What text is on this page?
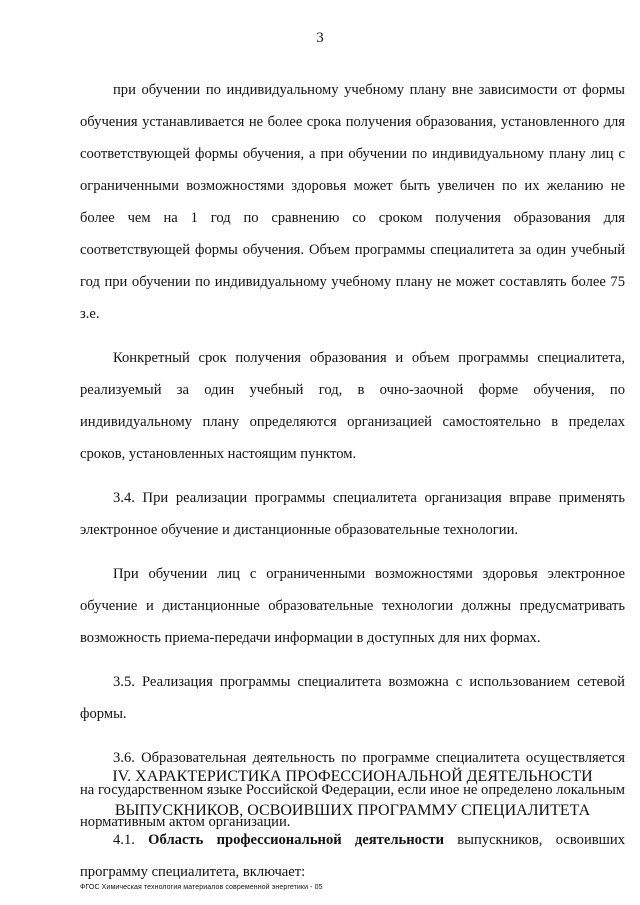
3

при обучении по индивидуальному учебному плану вне зависимости от формы обучения устанавливается не более срока получения образования, установленного для соответствующей формы обучения, а при обучении по индивидуальному плану лиц с ограниченными возможностями здоровья может быть увеличен по их желанию не более чем на 1 год по сравнению со сроком получения образования для соответствующей формы обучения. Объем программы специалитета за один учебный год при обучении по индивидуальному учебному плану не может составлять более 75 з.е.

Конкретный срок получения образования и объем программы специалитета, реализуемый за один учебный год, в очно-заочной форме обучения, по индивидуальному плану определяются организацией самостоятельно в пределах сроков, установленных настоящим пунктом.

3.4. При реализации программы специалитета организация вправе применять электронное обучение и дистанционные образовательные технологии.

При обучении лиц с ограниченными возможностями здоровья электронное обучение и дистанционные образовательные технологии должны предусматривать возможность приема-передачи информации в доступных для них формах.

3.5. Реализация программы специалитета возможна с использованием сетевой формы.

3.6. Образовательная деятельность по программе специалитета осуществляется на государственном языке Российской Федерации, если иное не определено локальным нормативным актом организации.

IV. ХАРАКТЕРИСТИКА ПРОФЕССИОНАЛЬНОЙ ДЕЯТЕЛЬНОСТИ
ВЫПУСКНИКОВ, ОСВОИВШИХ ПРОГРАММУ СПЕЦИАЛИТЕТА

4.1. Область профессиональной деятельности выпускников, освоивших программу специалитета, включает:

ФГОС Химическая технология материалов современной энергетики - 05
